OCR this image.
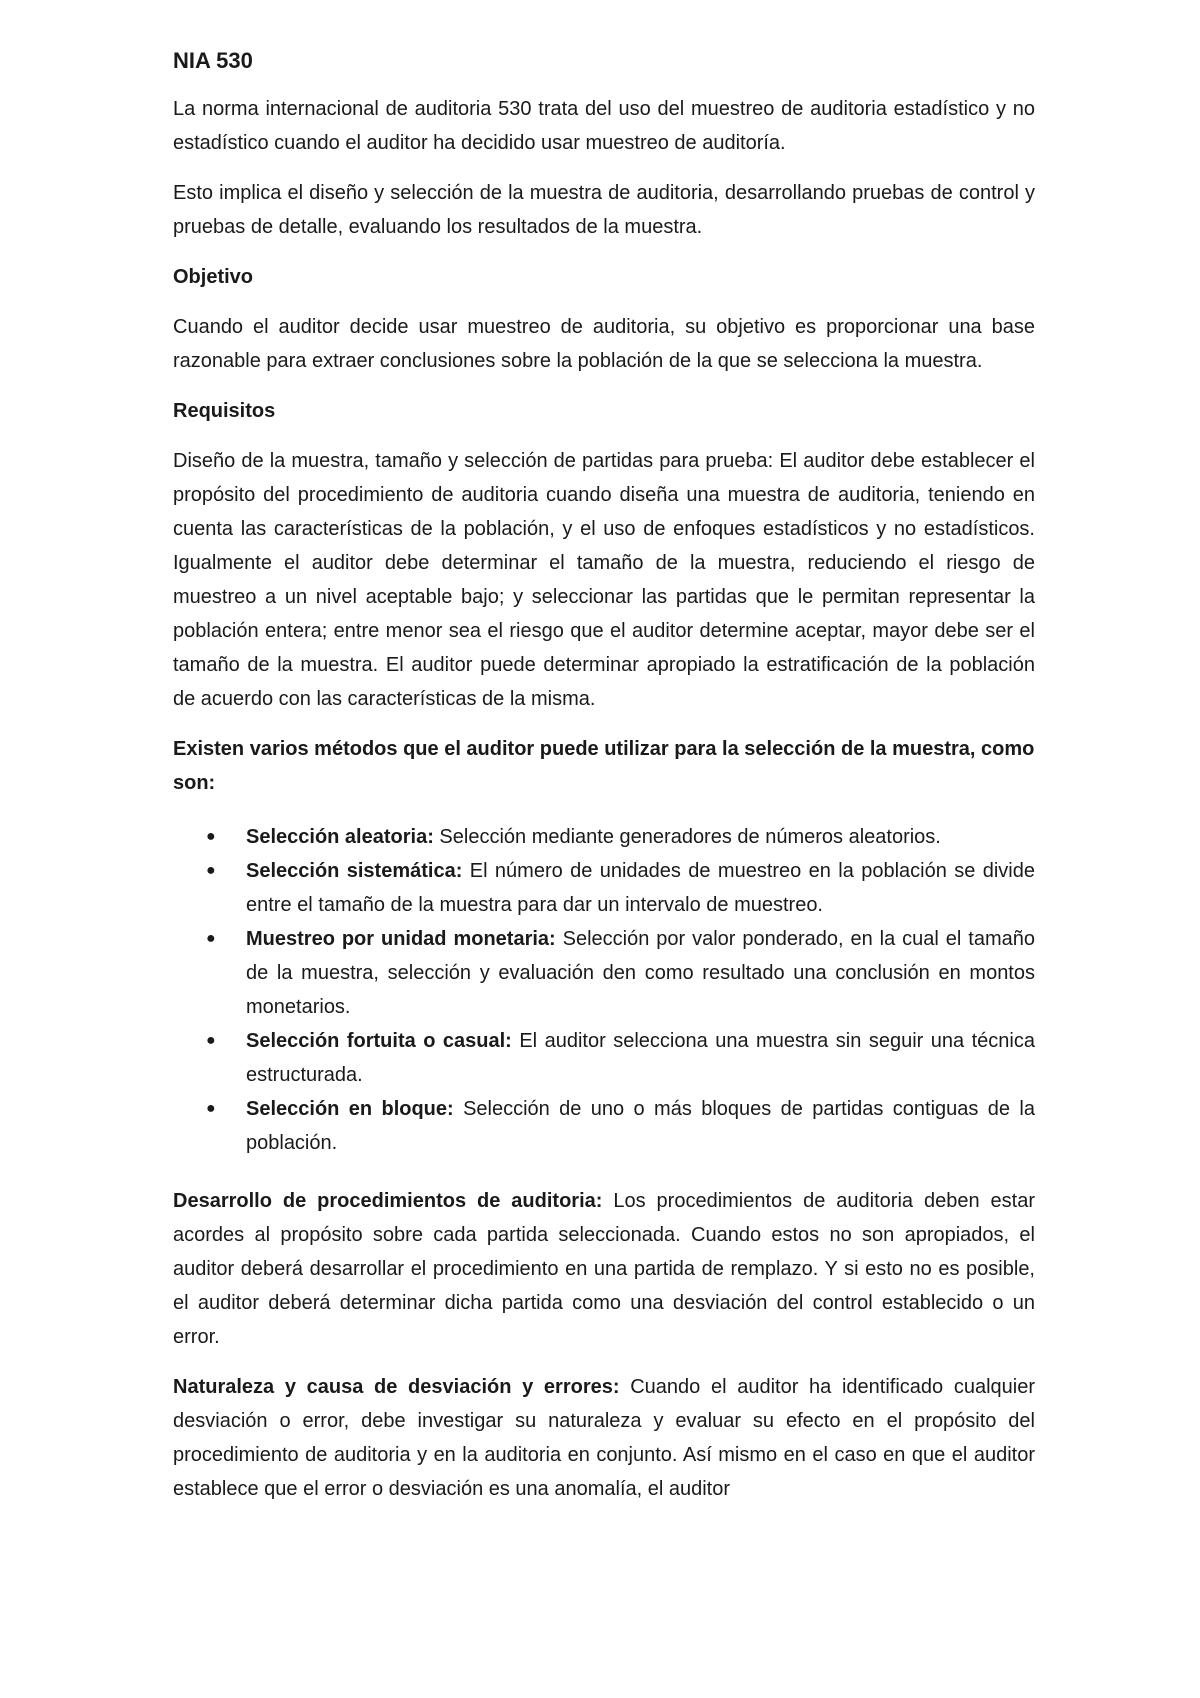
NIA 530

La norma internacional de auditoria 530 trata del uso del muestreo de auditoria estadístico y no estadístico cuando el auditor ha decidido usar muestreo de auditoría.

Esto implica el diseño y selección de la muestra de auditoria, desarrollando pruebas de control y pruebas de detalle, evaluando los resultados de la muestra.

Objetivo

Cuando el auditor decide usar muestreo de auditoria, su objetivo es proporcionar una base razonable para extraer conclusiones sobre la población de la que se selecciona la muestra.

Requisitos

Diseño de la muestra, tamaño y selección de partidas para prueba: El auditor debe establecer el propósito del procedimiento de auditoria cuando diseña una muestra de auditoria, teniendo en cuenta las características de la población, y el uso de enfoques estadísticos y no estadísticos. Igualmente el auditor debe determinar el tamaño de la muestra, reduciendo el riesgo de muestreo a un nivel aceptable bajo; y seleccionar las partidas que le permitan representar la población entera; entre menor sea el riesgo que el auditor determine aceptar, mayor debe ser el tamaño de la muestra. El auditor puede determinar apropiado la estratificación de la población de acuerdo con las características de la misma.

Existen varios métodos que el auditor puede utilizar para la selección de la muestra, como son:

● Selección aleatoria: Selección mediante generadores de números aleatorios.
● Selección sistemática: El número de unidades de muestreo en la población se divide entre el tamaño de la muestra para dar un intervalo de muestreo.
● Muestreo por unidad monetaria: Selección por valor ponderado, en la cual el tamaño de la muestra, selección y evaluación den como resultado una conclusión en montos monetarios.
● Selección fortuita o casual: El auditor selecciona una muestra sin seguir una técnica estructurada.
● Selección en bloque: Selección de uno o más bloques de partidas contiguas de la población.

Desarrollo de procedimientos de auditoria: Los procedimientos de auditoria deben estar acordes al propósito sobre cada partida seleccionada. Cuando estos no son apropiados, el auditor deberá desarrollar el procedimiento en una partida de remplazo. Y si esto no es posible, el auditor deberá determinar dicha partida como una desviación del control establecido o un error.

Naturaleza y causa de desviación y errores: Cuando el auditor ha identificado cualquier desviación o error, debe investigar su naturaleza y evaluar su efecto en el propósito del procedimiento de auditoria y en la auditoria en conjunto. Así mismo en el caso en que el auditor establece que el error o desviación es una anomalía, el auditor
